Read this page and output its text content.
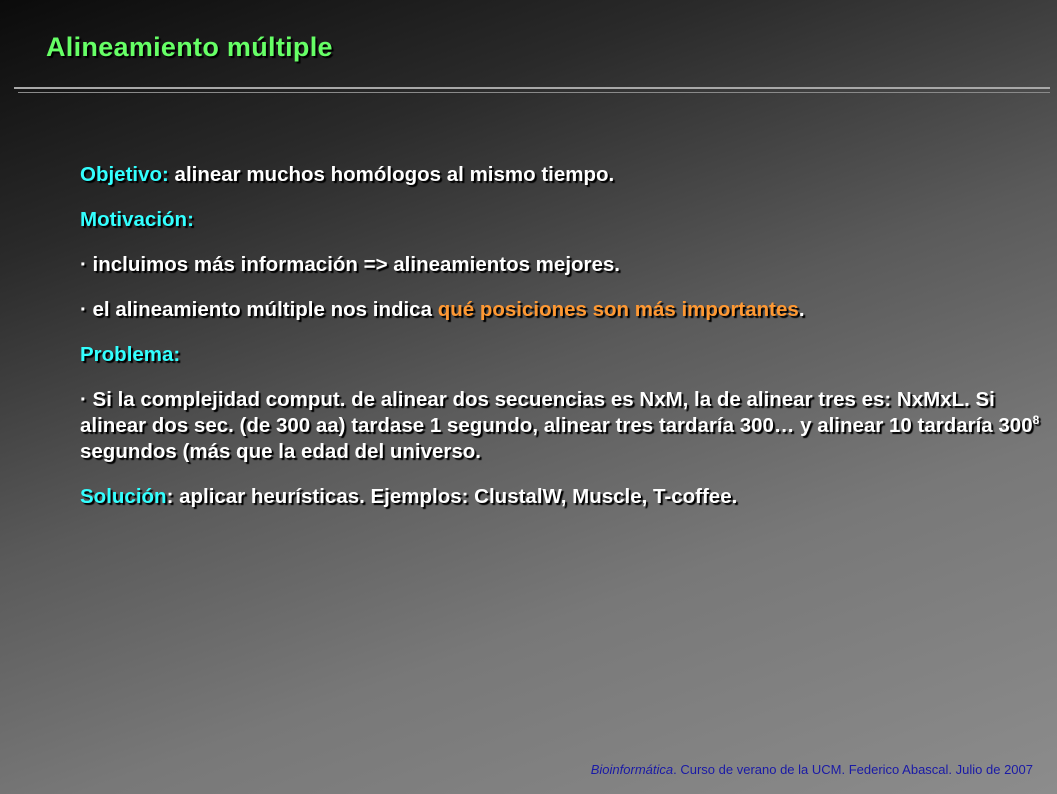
Alineamiento múltiple

Objetivo: alinear muchos homólogos al mismo tiempo.

Motivación:

· incluimos más información => alineamientos mejores.

· el alineamiento múltiple nos indica qué posiciones son más importantes.

Problema:

· Si la complejidad comput. de alinear dos secuencias es NxM, la de alinear tres es: NxMxL. Si alinear dos sec. (de 300 aa) tardase 1 segundo, alinear tres tardaría 300… y alinear 10 tardaría $300^8$ segundos (más que la edad del universo.

Solución: aplicar heurísticas. Ejemplos: ClustalW, Muscle, T-coffee.

Bioinformática. Curso de verano de la UCM. Federico Abascal. Julio de 2007
